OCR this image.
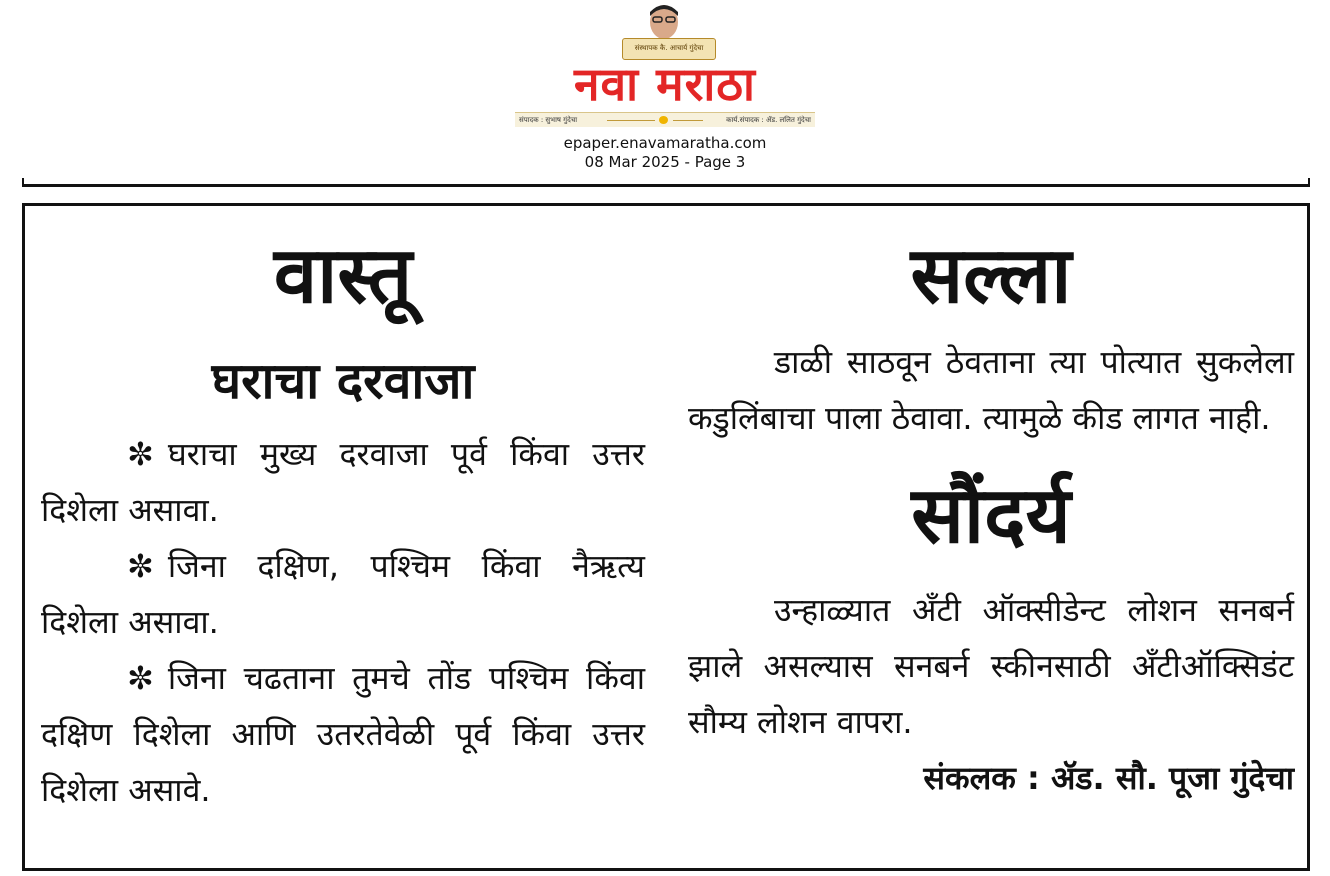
संस्थापक कै. आचार्य गुंदेचा
नवा मराठा
संपादक : सुभाष गुंदेचा	कार्य.संपादक : ॲड. ललित गुंदेचा
epaper.enavamaratha.com
08 Mar 2025 - Page 3
वास्तू
घराचा दरवाजा

✼ घराचा मुख्य दरवाजा पूर्व किंवा उत्तर दिशेला असावा.

✼ जिना दक्षिण, पश्चिम किंवा नैऋत्य दिशेला असावा.

✼ जिना चढताना तुमचे तोंड पश्चिम किंवा दक्षिण दिशेला आणि उतरतेवेळी पूर्व किंवा उत्तर दिशेला असावे.

सल्ला

डाळी साठवून ठेवताना त्या पोत्यात सुकलेला कडुलिंबाचा पाला ठेवावा. त्यामुळे कीड लागत नाही.

सौंदर्य

उन्हाळ्यात अँटी ऑक्सीडेन्ट लोशन सनबर्न झाले असल्यास सनबर्न स्कीनसाठी अँटीऑक्सिडंट सौम्य लोशन वापरा.

संकलक : ॲड. सौ. पूजा गुंदेचा
